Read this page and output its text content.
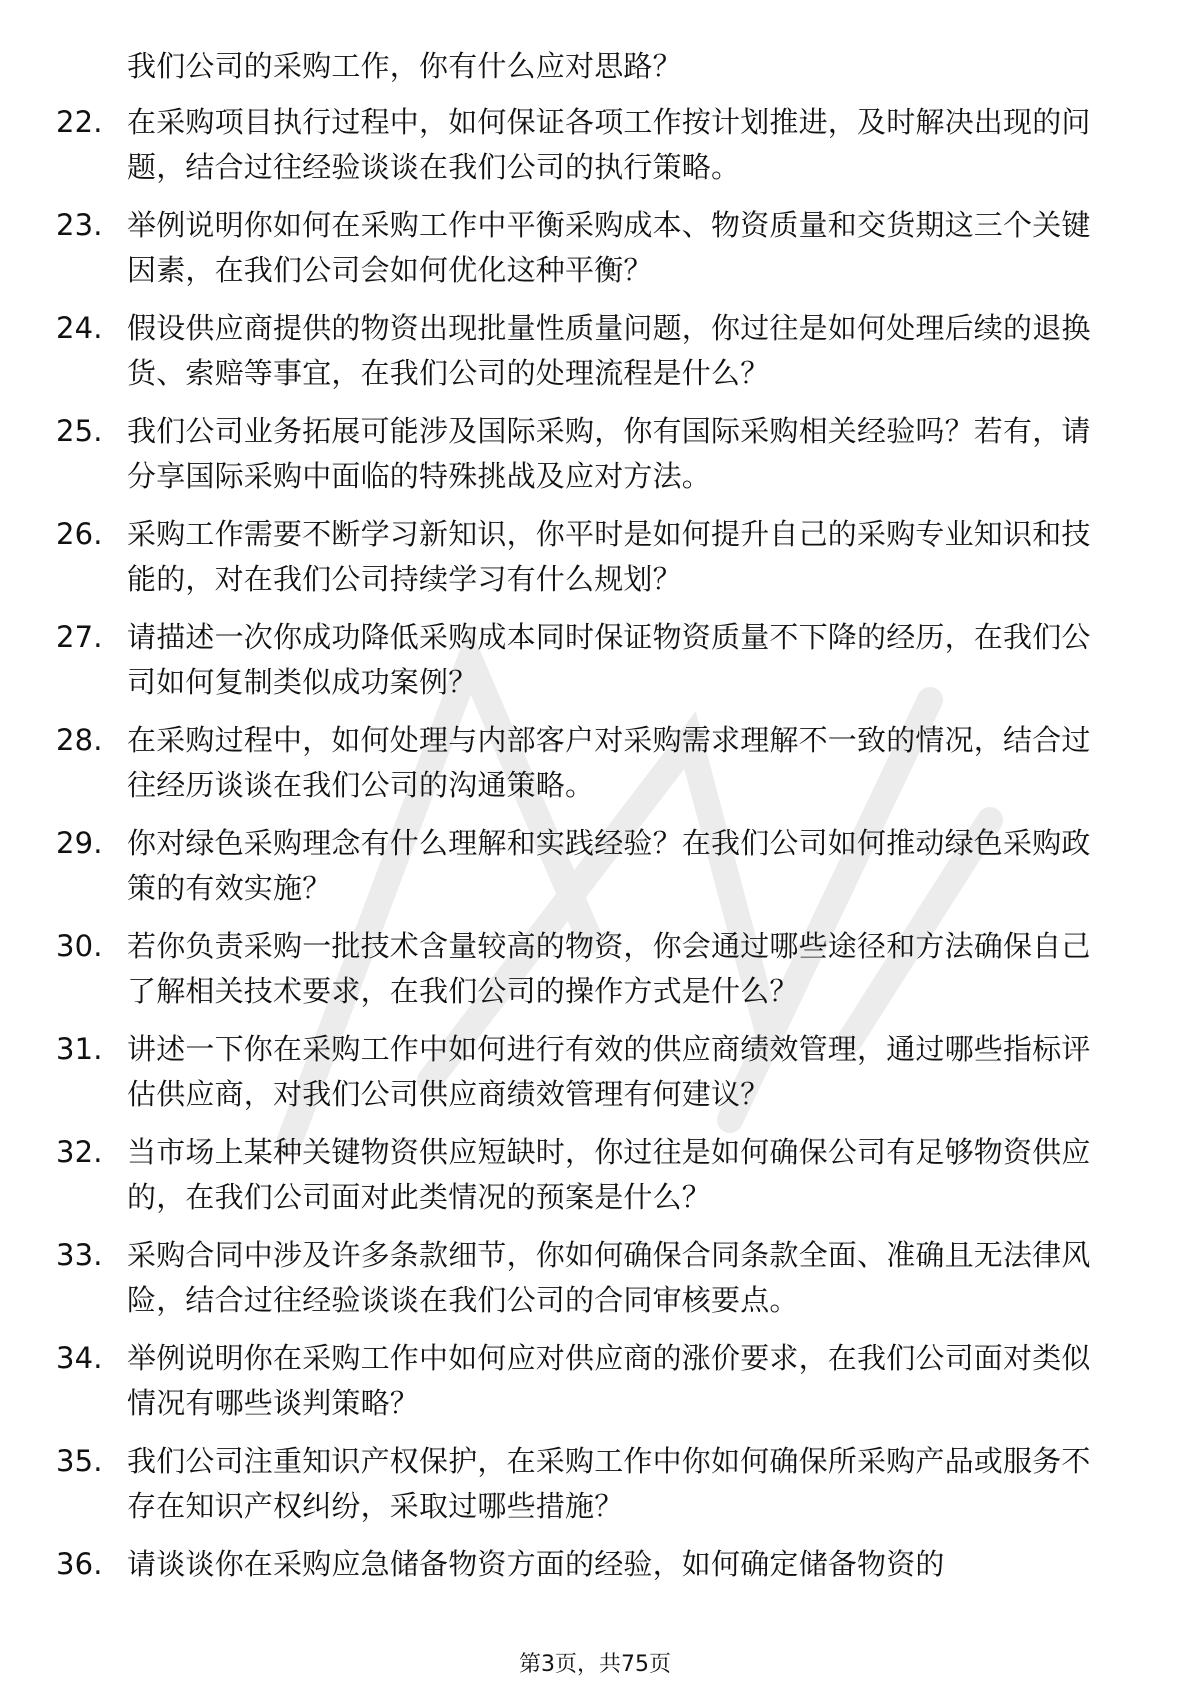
我们公司的采购工作，你有什么应对思路？
22. 在采购项目执行过程中，如何保证各项工作按计划推进，及时解决出现的问题，结合过往经验谈谈在我们公司的执行策略。
23. 举例说明你如何在采购工作中平衡采购成本、物资质量和交货期这三个关键因素，在我们公司会如何优化这种平衡？
24. 假设供应商提供的物资出现批量性质量问题，你过往是如何处理后续的退换货、索赔等事宜，在我们公司的处理流程是什么？
25. 我们公司业务拓展可能涉及国际采购，你有国际采购相关经验吗？若有，请分享国际采购中面临的特殊挑战及应对方法。
26. 采购工作需要不断学习新知识，你平时是如何提升自己的采购专业知识和技能的，对在我们公司持续学习有什么规划？
27. 请描述一次你成功降低采购成本同时保证物资质量不下降的经历，在我们公司如何复制类似成功案例？
28. 在采购过程中，如何处理与内部客户对采购需求理解不一致的情况，结合过往经历谈谈在我们公司的沟通策略。
29. 你对绿色采购理念有什么理解和实践经验？在我们公司如何推动绿色采购政策的有效实施？
30. 若你负责采购一批技术含量较高的物资，你会通过哪些途径和方法确保自己了解相关技术要求，在我们公司的操作方式是什么？
31. 讲述一下你在采购工作中如何进行有效的供应商绩效管理，通过哪些指标评估供应商，对我们公司供应商绩效管理有何建议？
32. 当市场上某种关键物资供应短缺时，你过往是如何确保公司有足够物资供应的，在我们公司面对此类情况的预案是什么？
33. 采购合同中涉及许多条款细节，你如何确保合同条款全面、准确且无法律风险，结合过往经验谈谈在我们公司的合同审核要点。
34. 举例说明你在采购工作中如何应对供应商的涨价要求，在我们公司面对类似情况有哪些谈判策略？
35. 我们公司注重知识产权保护，在采购工作中你如何确保所采购产品或服务不存在知识产权纠纷，采取过哪些措施？
36. 请谈谈你在采购应急储备物资方面的经验，如何确定储备物资的
第3页，共75页
